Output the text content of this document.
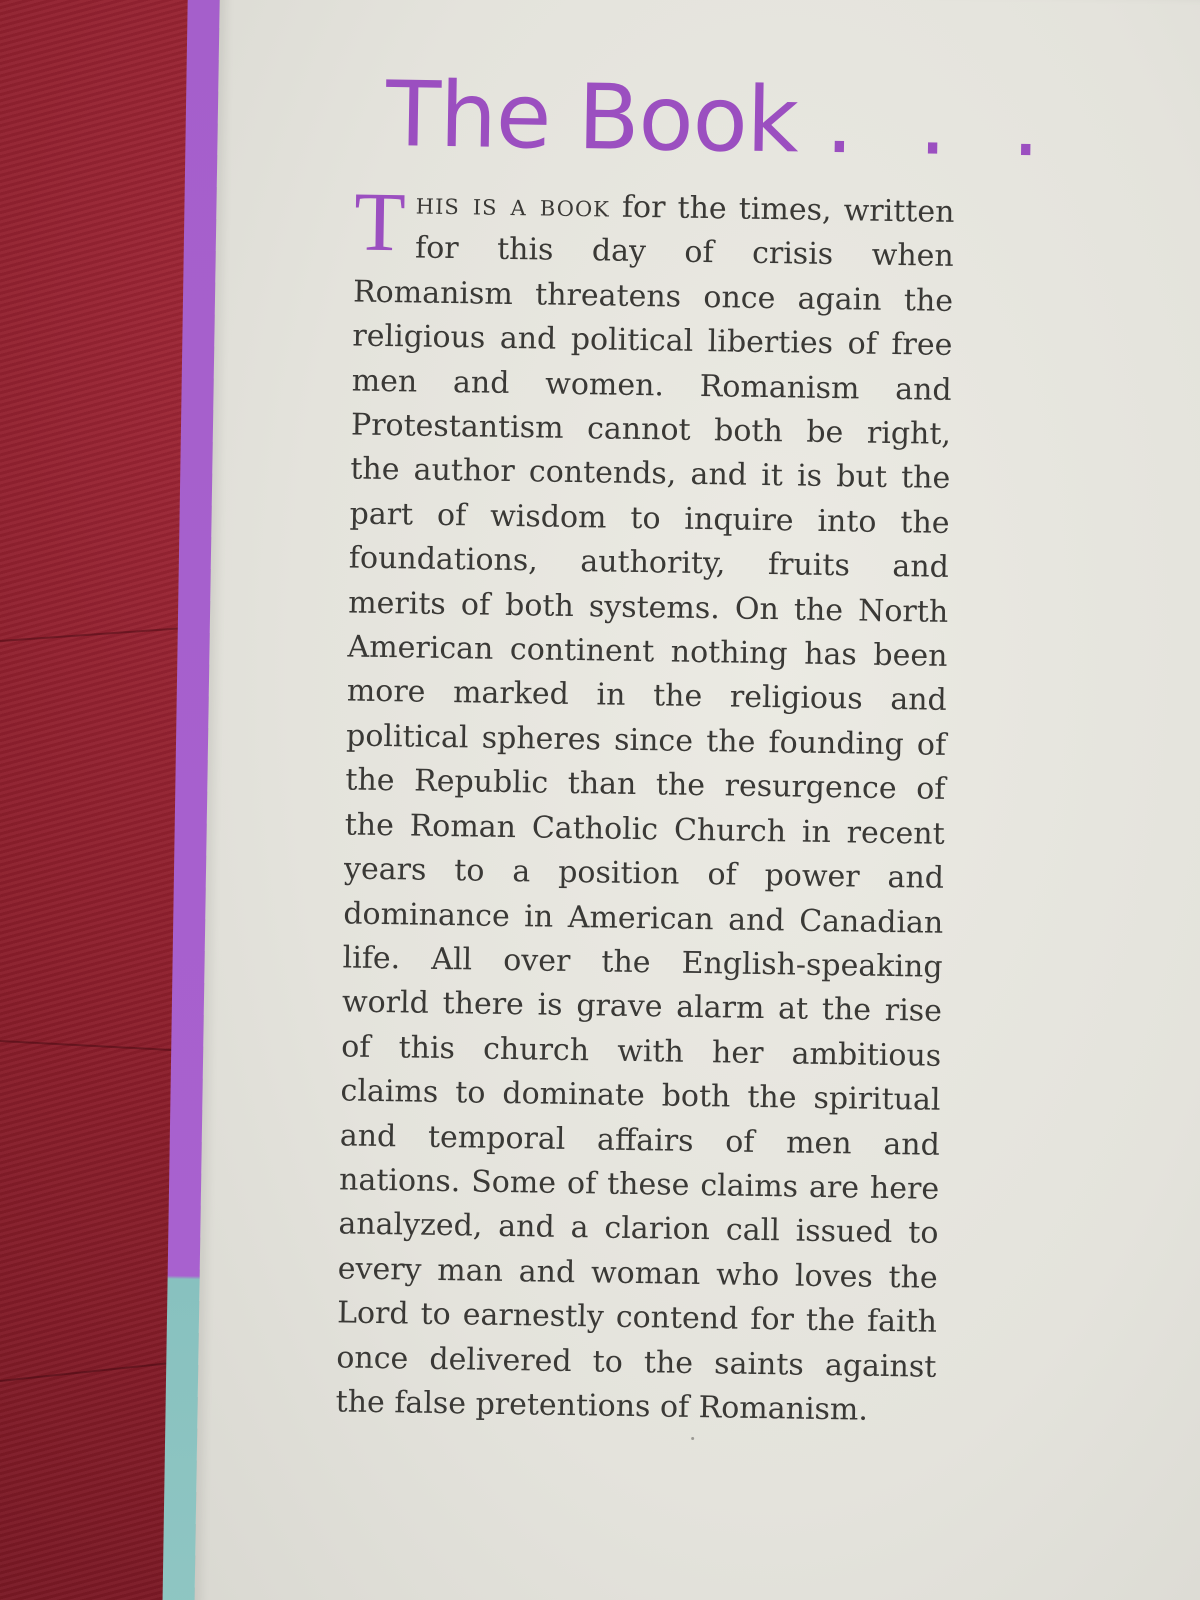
The Book . . .

This is a book for the times, written for this day of crisis when Romanism threatens once again the religious and political liberties of free men and women. Romanism and Protestantism cannot both be right, the author contends, and it is but the part of wisdom to inquire into the foundations, authority, fruits and merits of both systems. On the North American continent nothing has been more marked in the religious and political spheres since the founding of the Republic than the resurgence of the Roman Catholic Church in recent years to a position of power and dominance in American and Canadian life. All over the English-speaking world there is grave alarm at the rise of this church with her ambitious claims to dominate both the spiritual and temporal affairs of men and nations. Some of these claims are here analyzed, and a clarion call issued to every man and woman who loves the Lord to earnestly contend for the faith once delivered to the saints against the false pretentions of Romanism.
